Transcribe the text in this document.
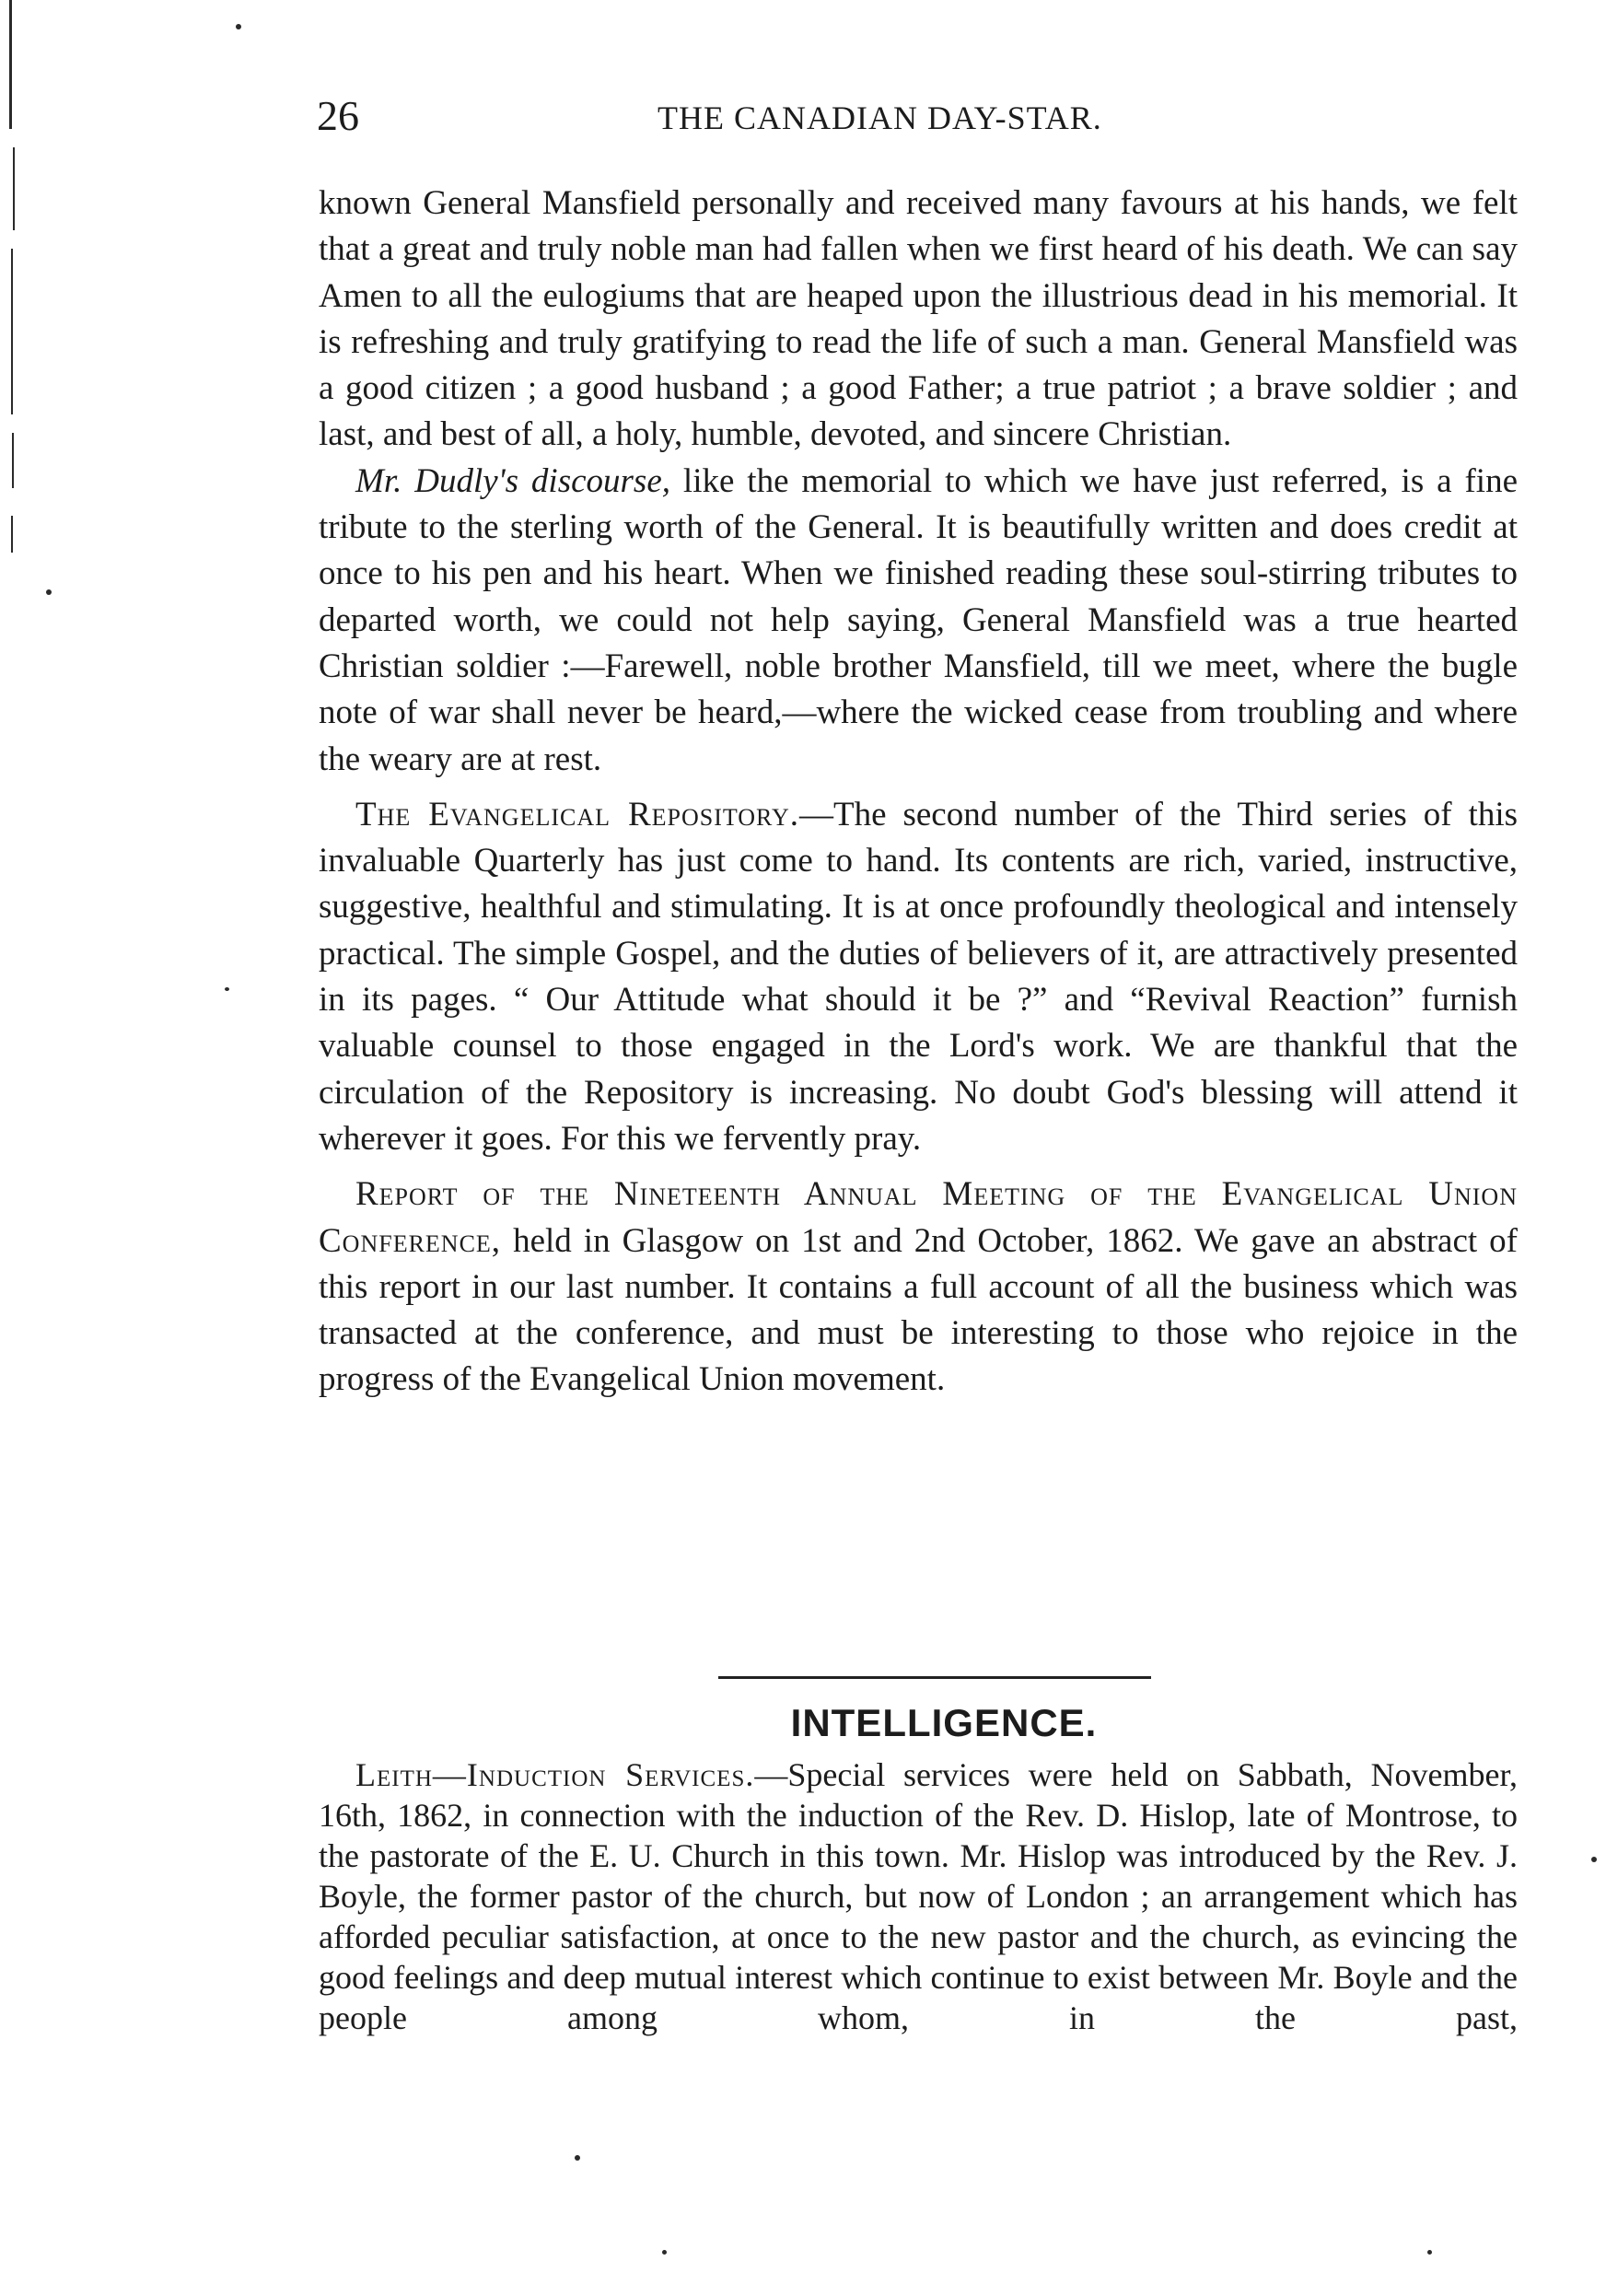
26	THE CANADIAN DAY-STAR.

known General Mansfield personally and received many favours at his hands, we felt that a great and truly noble man had fallen when we first heard of his death. We can say Amen to all the eulogiums that are heaped upon the illustrious dead in his memorial. It is refreshing and truly gratifying to read the life of such a man. General Mansfield was a good citizen ; a good husband ; a good Father; a true patriot ; a brave soldier ; and last, and best of all, a holy, humble, devoted, and sincere Christian.

Mr. Dudly's discourse, like the memorial to which we have just referred, is a fine tribute to the sterling worth of the General. It is beautifully written and does credit at once to his pen and his heart. When we finished reading these soul-stirring tributes to departed worth, we could not help saying, General Mansfield was a true hearted Christian soldier :—Farewell, noble brother Mansfield, till we meet, where the bugle note of war shall never be heard,—where the wicked cease from troubling and where the weary are at rest.

The Evangelical Repository.—The second number of the Third series of this invaluable Quarterly has just come to hand. Its contents are rich, varied, instructive, suggestive, healthful and stimulating. It is at once profoundly theological and intensely practical. The simple Gospel, and the duties of believers of it, are attractively presented in its pages. “ Our Attitude what should it be ?” and “Revival Reaction” furnish valuable counsel to those engaged in the Lord's work. We are thankful that the circulation of the Repository is increasing. No doubt God's blessing will attend it wherever it goes. For this we fervently pray.

Report of the Nineteenth Annual Meeting of the Evangelical Union Conference, held in Glasgow on 1st and 2nd October, 1862. We gave an abstract of this report in our last number. It contains a full account of all the business which was transacted at the conference, and must be interesting to those who rejoice in the progress of the Evangelical Union movement.

INTELLIGENCE.

Leith—Induction Services.—Special services were held on Sabbath, November, 16th, 1862, in connection with the induction of the Rev. D. Hislop, late of Montrose, to the pastorate of the E. U. Church in this town. Mr. Hislop was introduced by the Rev. J. Boyle, the former pastor of the church, but now of London ; an arrangement which has afforded peculiar satisfaction, at once to the new pastor and the church, as evincing the good feelings and deep mutual interest which continue to exist between Mr. Boyle and the people among whom, in the past,
